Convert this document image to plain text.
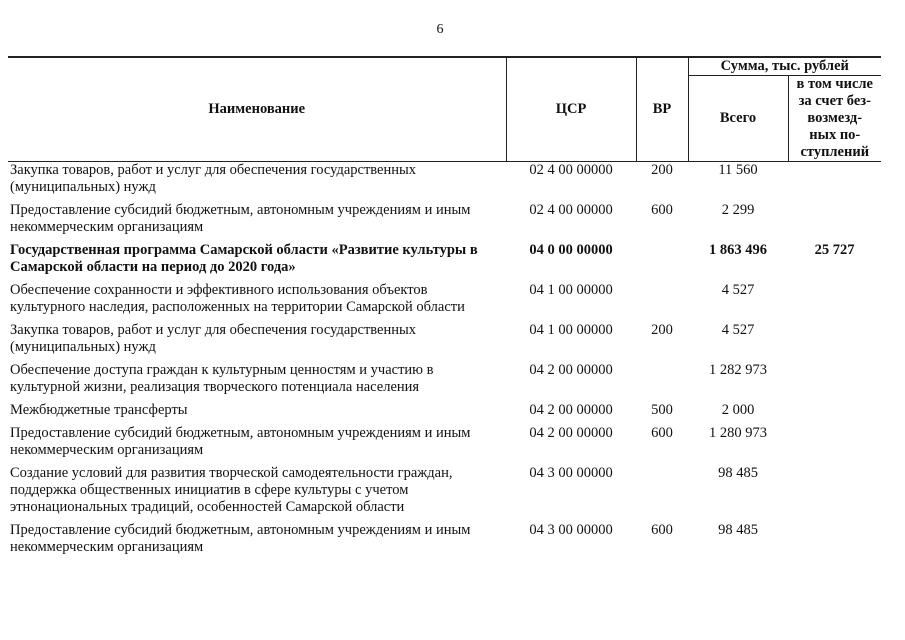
6
Наименование	ЦСР	ВР	Сумма, тыс. рублей	
			Всего	в том числе
за счет без-
возмезд-
ных по-
ступлений

Закупка товаров, работ и услуг для обеспечения государственных (муниципальных) нужд	02 4 00 00000	200	11 560	
Предоставление субсидий бюджетным, автономным учреждениям и иным некоммерческим организациям	02 4 00 00000	600	2 299	
Государственная программа Самарской области «Развитие культуры в Самарской области на период до 2020 года»	04 0 00 00000		1 863 496	25 727
Обеспечение сохранности и эффективного использования объектов культурного наследия, расположенных на территории Самарской области	04 1 00 00000		4 527	
Закупка товаров, работ и услуг для обеспечения государственных (муниципальных) нужд	04 1 00 00000	200	4 527	
Обеспечение доступа граждан к культурным ценностям и участию в культурной жизни, реализация творческого потенциала населения	04 2 00 00000		1 282 973	
Межбюджетные трансферты	04 2 00 00000	500	2 000	
Предоставление субсидий бюджетным, автономным учреждениям и иным некоммерческим организациям	04 2 00 00000	600	1 280 973	
Создание условий для развития творческой самодеятельности граждан, поддержка общественных инициатив в сфере культуры с учетом этнонациональных традиций, особенностей Самарской области	04 3 00 00000		98 485	
Предоставление субсидий бюджетным, автономным учреждениям и иным некоммерческим организациям	04 3 00 00000	600	98 485	
